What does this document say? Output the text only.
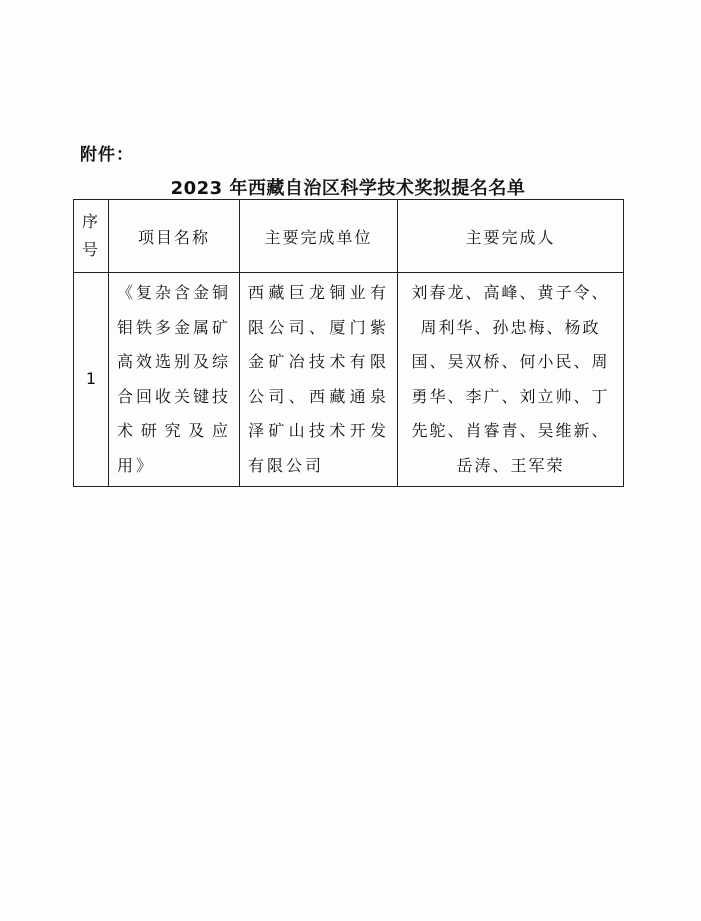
附件：
2023 年西藏自治区科学技术奖拟提名名单
序号	项目名称	主要完成单位	主要完成人
1	《复杂含金铜钼铁多金属矿高效选别及综合回收关键技术研究及应用》	西藏巨龙铜业有限公司、厦门紫金矿冶技术有限公司、西藏通泉泽矿山技术开发有限公司	刘春龙、高峰、黄子令、周利华、孙忠梅、杨政国、吴双桥、何小民、周勇华、李广、刘立帅、丁先鸵、肖睿青、吴维新、岳涛、王军荣
